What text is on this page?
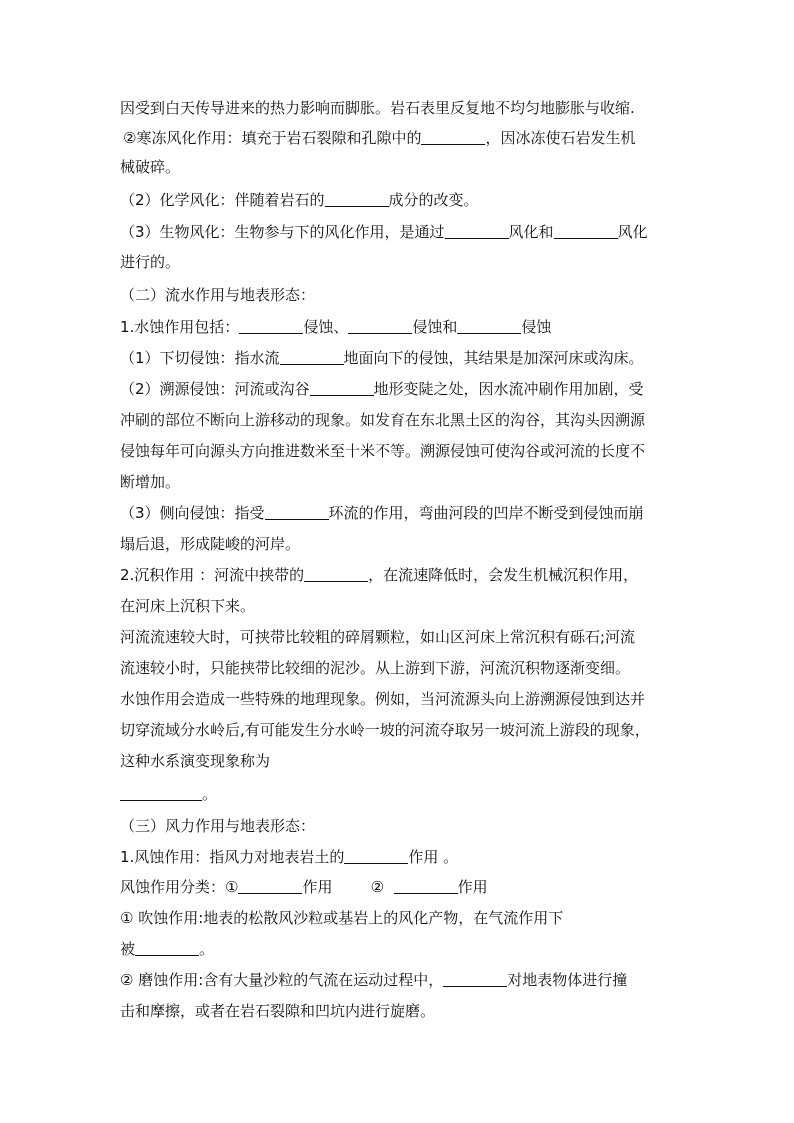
因受到白天传导进来的热力影响而脚胀。岩石表里反复地不均匀地膨胀与收缩.
②寒冻风化作用：填充于岩石裂隙和孔隙中的	，因冰冻使石岩发生机
械破碎。
（2）化学风化：伴随着岩石的	成分的改变。
（3）生物风化：生物参与下的风化作用，是通过	风化和	风化
进行的。
（二）流水作用与地表形态：
1.水蚀作用包括：	侵蚀、	侵蚀和	侵蚀
（1）下切侵蚀：指水流	地面向下的侵蚀，其结果是加深河床或沟床。
（2）溯源侵蚀：河流或沟谷	地形变陡之处，因水流冲刷作用加剧，受
冲刷的部位不断向上游移动的现象。如发育在东北黑土区的沟谷，其沟头因溯源
侵蚀每年可向源头方向推进数米至十米不等。溯源侵蚀可使沟谷或河流的长度不
断增加。
（3）侧向侵蚀：指受	环流的作用，弯曲河段的凹岸不断受到侵蚀而崩
塌后退，形成陡峻的河岸。
2.沉积作用 ：河流中挟带的	，在流速降低时，会发生机械沉积作用，
在河床上沉积下来。
河流流速较大时，可挟带比较粗的碎屑颗粒，如山区河床上常沉积有砾石;河流
流速较小时，只能挟带比较细的泥沙。从上游到下游，河流沉积物逐渐变细。
水蚀作用会造成一些特殊的地理现象。例如，当河流源头向上游溯源侵蚀到达并
切穿流域分水岭后,有可能发生分水岭一坡的河流夺取另一坡河流上游段的现象，
这种水系演变现象称为
。
（三）风力作用与地表形态：
1.风蚀作用：指风力对地表岩土的	作用 。
风蚀作用分类：①	作用        ②	作用
① 吹蚀作用:地表的松散风沙粒或基岩上的风化产物，在气流作用下
被	。
② 磨蚀作用:含有大量沙粒的气流在运动过程中，	对地表物体进行撞
击和摩擦，或者在岩石裂隙和凹坑内进行旋磨。
